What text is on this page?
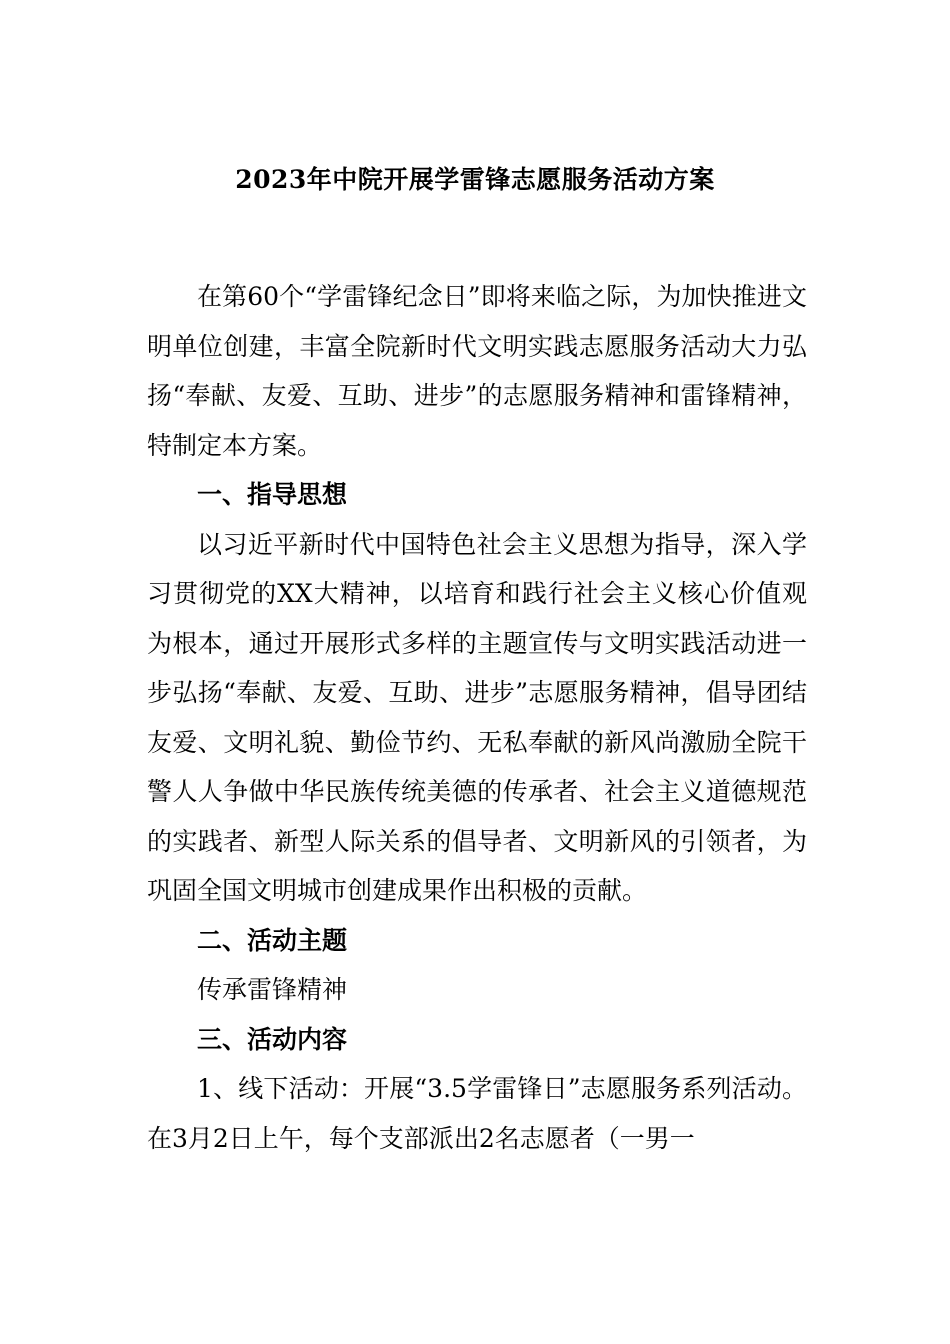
2023年中院开展学雷锋志愿服务活动方案

在第60个“学雷锋纪念日”即将来临之际，为加快推进文明单位创建，丰富全院新时代文明实践志愿服务活动大力弘扬“奉献、友爱、互助、进步”的志愿服务精神和雷锋精神，特制定本方案。

一、指导思想

以习近平新时代中国特色社会主义思想为指导，深入学习贯彻党的XX大精神，以培育和践行社会主义核心价值观为根本，通过开展形式多样的主题宣传与文明实践活动进一步弘扬“奉献、友爱、互助、进步”志愿服务精神，倡导团结友爱、文明礼貌、勤俭节约、无私奉献的新风尚激励全院干警人人争做中华民族传统美德的传承者、社会主义道德规范的实践者、新型人际关系的倡导者、文明新风的引领者，为巩固全国文明城市创建成果作出积极的贡献。

二、活动主题

传承雷锋精神

三、活动内容

1、线下活动：开展“3.5学雷锋日”志愿服务系列活动。在3月2日上午，每个支部派出2名志愿者（一男一
